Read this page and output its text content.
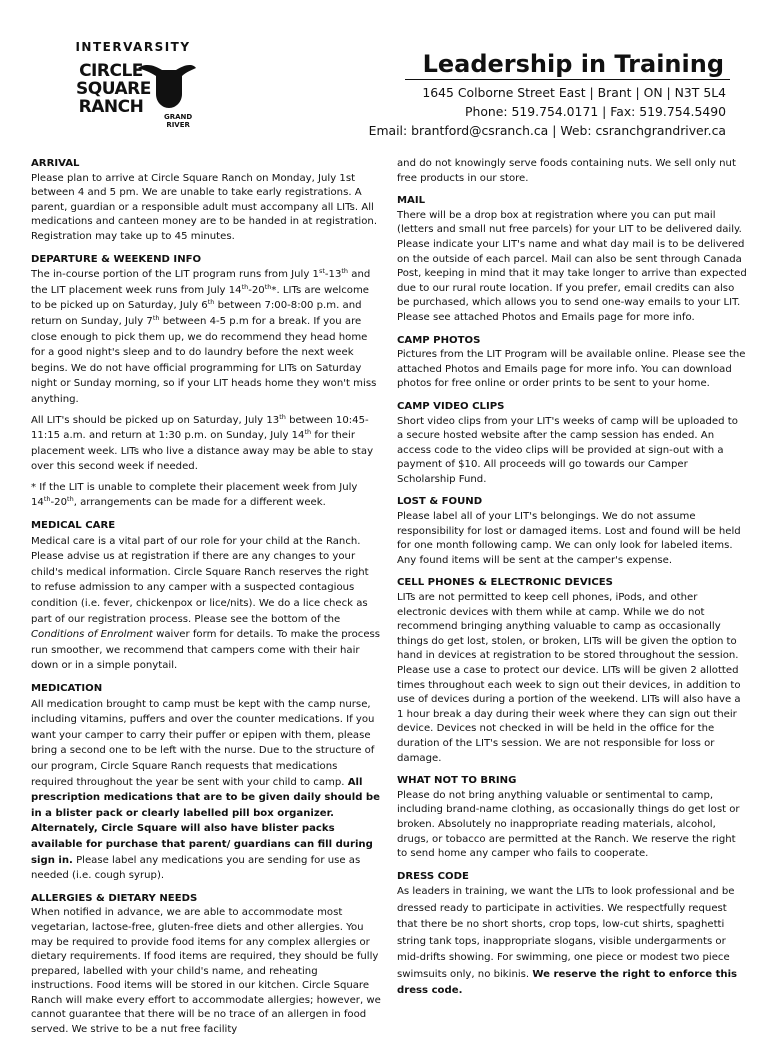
INTERVARSITY
CIRCLE
SQUARE
RANCH	GRAND
RIVER
Leadership in Training
1645 Colborne Street East | Brant | ON | N3T 5L4
Phone: 519.754.0171 | Fax: 519.754.5490
Email: brantford@csranch.ca | Web: csranchgrandriver.ca

ARRIVAL

Please plan to arrive at Circle Square Ranch on Monday, July 1st between 4 and 5 pm. We are unable to take early registrations. A parent, guardian or a responsible adult must accompany all LITs. All medications and canteen money are to be handed in at registration. Registration may take up to 45 minutes.

DEPARTURE & WEEKEND INFO

The in-course portion of the LIT program runs from July 1st-13th and the LIT placement week runs from July 14th-20th*. LITs are welcome to be picked up on Saturday, July 6th between 7:00-8:00 p.m. and return on Sunday, July 7th between 4-5 p.m for a break. If you are close enough to pick them up, we do recommend they head home for a good night's sleep and to do laundry before the next week begins. We do not have official programming for LITs on Saturday night or Sunday morning, so if your LIT heads home they won't miss anything.

All LIT's should be picked up on Saturday, July 13th between 10:45-11:15 a.m. and return at 1:30 p.m. on Sunday, July 14th for their placement week. LITs who live a distance away may be able to stay over this second week if needed.

* If the LIT is unable to complete their placement week from July 14th-20th, arrangements can be made for a different week.

MEDICAL CARE

Medical care is a vital part of our role for your child at the Ranch. Please advise us at registration if there are any changes to your child's medical information. Circle Square Ranch reserves the right to refuse admission to any camper with a suspected contagious condition (i.e. fever, chickenpox or lice/nits). We do a lice check as part of our registration process. Please see the bottom of the Conditions of Enrolment waiver form for details. To make the process run smoother, we recommend that campers come with their hair down or in a simple ponytail.

MEDICATION

All medication brought to camp must be kept with the camp nurse, including vitamins, puffers and over the counter medications. If you want your camper to carry their puffer or epipen with them, please bring a second one to be left with the nurse. Due to the structure of our program, Circle Square Ranch requests that medications required throughout the year be sent with your child to camp. All prescription medications that are to be given daily should be in a blister pack or clearly labelled pill box organizer. Alternately, Circle Square will also have blister packs available for purchase that parent/ guardians can fill during sign in. Please label any medications you are sending for use as needed (i.e. cough syrup).

ALLERGIES & DIETARY NEEDS

When notified in advance, we are able to accommodate most vegetarian, lactose-free, gluten-free diets and other allergies. You may be required to provide food items for any complex allergies or dietary requirements. If food items are required, they should be fully prepared, labelled with your child's name, and reheating instructions. Food items will be stored in our kitchen. Circle Square Ranch will make every effort to accommodate allergies; however, we cannot guarantee that there will be no trace of an allergen in food served. We strive to be a nut free facility

and do not knowingly serve foods containing nuts. We sell only nut free products in our store.

MAIL

There will be a drop box at registration where you can put mail (letters and small nut free parcels) for your LIT to be delivered daily. Please indicate your LIT's name and what day mail is to be delivered on the outside of each parcel. Mail can also be sent through Canada Post, keeping in mind that it may take longer to arrive than expected due to our rural route location. If you prefer, email credits can also be purchased, which allows you to send one-way emails to your LIT. Please see attached Photos and Emails page for more info.

CAMP PHOTOS

Pictures from the LIT Program will be available online. Please see the attached Photos and Emails page for more info. You can download photos for free online or order prints to be sent to your home.

CAMP VIDEO CLIPS

Short video clips from your LIT's weeks of camp will be uploaded to a secure hosted website after the camp session has ended. An access code to the video clips will be provided at sign-out with a payment of $10. All proceeds will go towards our Camper Scholarship Fund.

LOST & FOUND

Please label all of your LIT's belongings. We do not assume responsibility for lost or damaged items. Lost and found will be held for one month following camp. We can only look for labeled items. Any found items will be sent at the camper's expense.

CELL PHONES & ELECTRONIC DEVICES

LITs are not permitted to keep cell phones, iPods, and other electronic devices with them while at camp. While we do not recommend bringing anything valuable to camp as occasionally things do get lost, stolen, or broken, LITs will be given the option to hand in devices at registration to be stored throughout the session. Please use a case to protect our device. LITs will be given 2 allotted times throughout each week to sign out their devices, in addition to use of devices during a portion of the weekend. LITs will also have a 1 hour break a day during their week where they can sign out their device. Devices not checked in will be held in the office for the duration of the LIT's session. We are not responsible for loss or damage.

WHAT NOT TO BRING

Please do not bring anything valuable or sentimental to camp, including brand-name clothing, as occasionally things do get lost or broken. Absolutely no inappropriate reading materials, alcohol, drugs, or tobacco are permitted at the Ranch. We reserve the right to send home any camper who fails to cooperate.

DRESS CODE

As leaders in training, we want the LITs to look professional and be dressed ready to participate in activities. We respectfully request that there be no short shorts, crop tops, low-cut shirts, spaghetti string tank tops, inappropriate slogans, visible undergarments or mid-drifts showing. For swimming, one piece or modest two piece swimsuits only, no bikinis. We reserve the right to enforce this dress code.
